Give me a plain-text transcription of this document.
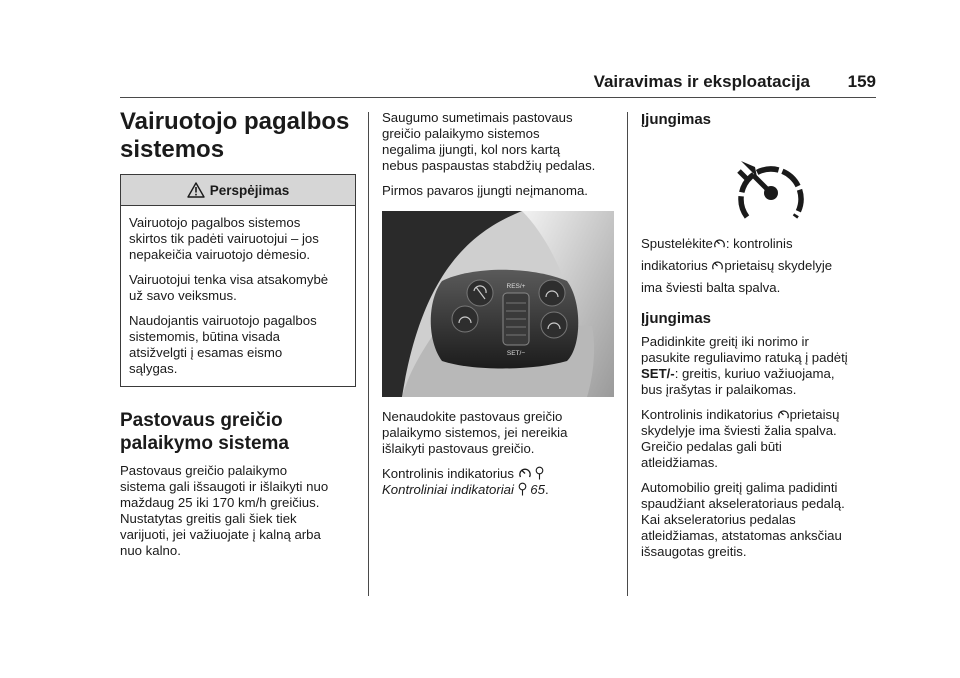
Vairavimas ir eksploatacija	159
Vairuotojo pagalbos
sistemos
Perspėjimas

Vairuotojo pagalbos sistemos
skirtos tik padėti vairuotojui – jos
nepakeičia vairuotojo dėmesio.

Vairuotojui tenka visa atsakomybė
už savo veiksmus.

Naudojantis vairuotojo pagalbos
sistemomis, būtina visada
atsižvelgti į esamas eismo
sąlygas.

Pastovaus greičio
palaikymo sistema

Pastovaus greičio palaikymo
sistema gali išsaugoti ir išlaikyti nuo
maždaug 25 iki 170 km/h greičius.
Nustatytas greitis gali šiek tiek
varijuoti, jei važiuojate į kalną arba
nuo kalno.

Saugumo sumetimais pastovaus
greičio palaikymo sistemos
negalima įjungti, kol nors kartą
nebus paspaustas stabdžių pedalas.

Pirmos pavaros įjungti neįmanoma.

RES/+
SET/−

Nenaudokite pastovaus greičio
palaikymo sistemos, jei nereikia
išlaikyti pastovaus greičio.

Kontrolinis indikatorius
Kontroliniai indikatoriai 65.

Įjungimas

Spustelėkite : kontrolinis
indikatorius prietaisų skydelyje
ima šviesti balta spalva.

Įjungimas

Padidinkite greitį iki norimo ir
pasukite reguliavimo ratuką į padėtį
SET/-: greitis, kuriuo važiuojama,
bus įrašytas ir palaikomas.

Kontrolinis indikatorius prietaisų
skydelyje ima šviesti žalia spalva.
Greičio pedalas gali būti
atleidžiamas.

Automobilio greitį galima padidinti
spaudžiant akseleratoriaus pedalą.
Kai akseleratorius pedalas
atleidžiamas, atstatomas anksčiau
išsaugotas greitis.
